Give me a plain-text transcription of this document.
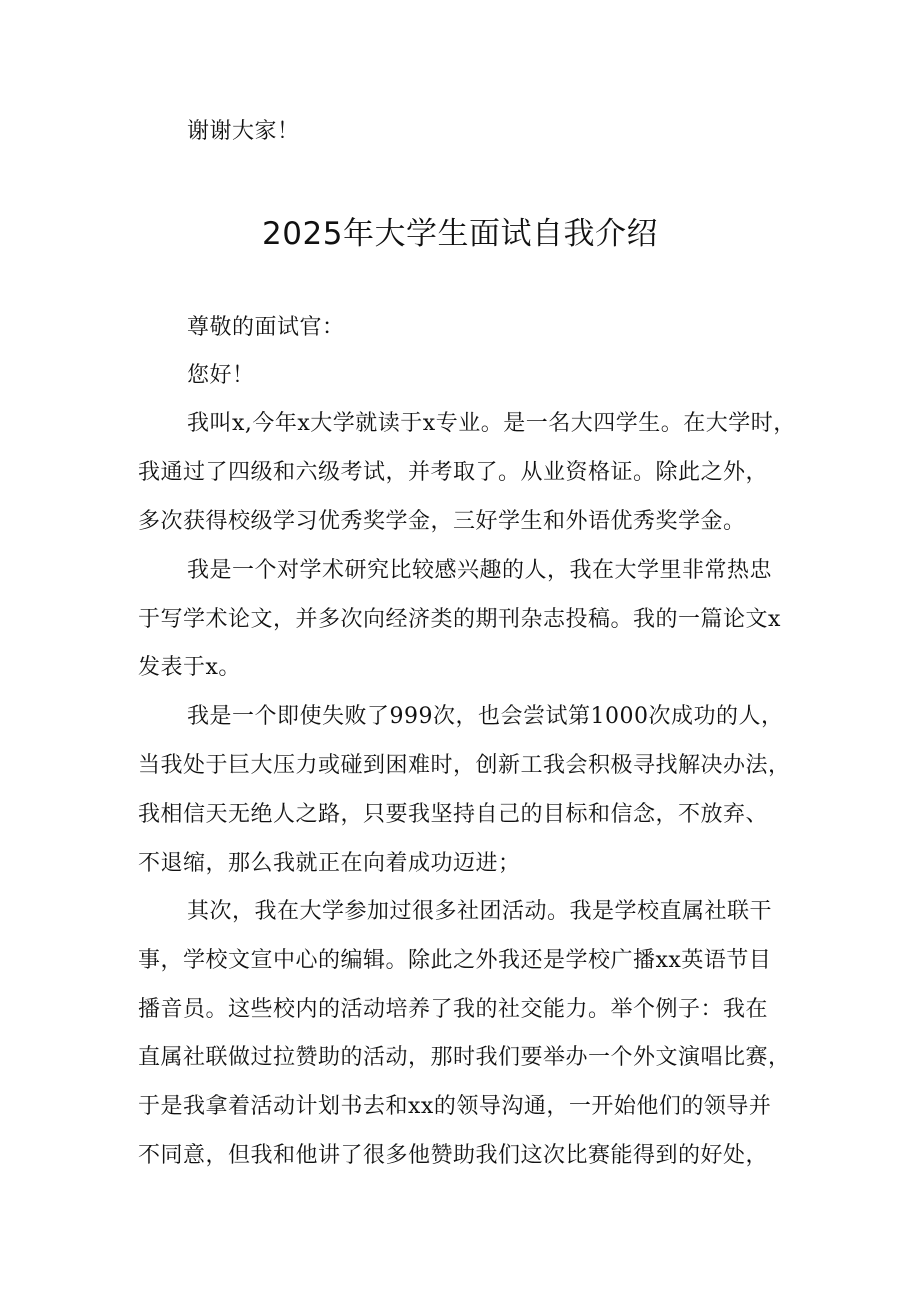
谢谢大家！
2025年大学生面试自我介绍
尊敬的面试官：
您好！
我叫x,今年x大学就读于x专业。是一名大四学生。在大学时，
我通过了四级和六级考试，并考取了。从业资格证。除此之外，
多次获得校级学习优秀奖学金，三好学生和外语优秀奖学金。
我是一个对学术研究比较感兴趣的人，我在大学里非常热忠
于写学术论文，并多次向经济类的期刊杂志投稿。我的一篇论文x
发表于x。
我是一个即使失败了999次，也会尝试第1000次成功的人，
当我处于巨大压力或碰到困难时，创新工我会积极寻找解决办法，
我相信天无绝人之路，只要我坚持自己的目标和信念，不放弃、
不退缩，那么我就正在向着成功迈进；
其次，我在大学参加过很多社团活动。我是学校直属社联干
事，学校文宣中心的编辑。除此之外我还是学校广播xx英语节目
播音员。这些校内的活动培养了我的社交能力。举个例子：我在
直属社联做过拉赞助的活动，那时我们要举办一个外文演唱比赛，
于是我拿着活动计划书去和xx的领导沟通，一开始他们的领导并
不同意，但我和他讲了很多他赞助我们这次比赛能得到的好处，
